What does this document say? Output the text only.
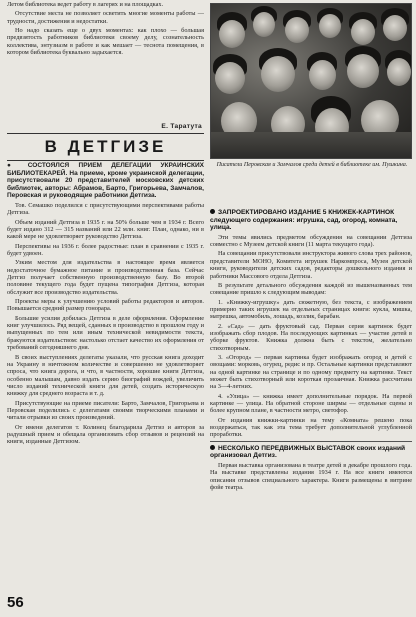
Летом библиотека ведет работу в лагерях и на площадках.

Отсутствие места не позволяет осветить многие моменты работы — трудности, достижения и недостатки.

Но надо сказать еще о двух моментах: как плохо — большая предвзятость работников библиотеки своему делу, сознательность коллектива, энтузиазм в работе и как мешает — теснота помещения, в котором библиотека буквально задыхается.

Е. Таратута
В ДЕТГИЗЕ
Писатели Перовская и Замчалов среди детей в библиотеке им. Пушкина.

● СОСТОЯЛСЯ ПРИЕМ ДЕЛЕГАЦИИ УКРАИНСКИХ БИБЛИОТЕКАРЕЙ. На приеме, кроме украинской делегации, присутствовали 20 представителей московских детских библиотек, авторы: Абрамов, Барто, Григорьева, Замчалов, Перовская и руководящие работники Детгиза.

Тов. Семашко поделился с присутствующими перспективами работы Детгиза.

Объем изданий Детгиза в 1935 г. на 50% больше чем в 1934 г. Всего будет издано 312 — 315 названий или 22 млн. книг. План, однако, ни в какой мере не удовлетворяет руководство Детгиза.

Перспективы на 1936 г. более радостные: план в сравнении с 1935 г. будет удвоен.

Узким местом для издательства в настоящее время является недостаточное бумажное питание и производственная база. Сейчас Детгиз получает собственную производственную базу. Во второй половине текущего года будет пущена типография Детгиза, которая обслужит все производство издательства.

Проекты меры к улучшению условий работы редакторов и авторов. Повышается средний размер гонорара.

Большие усилия добилась Детгиза в деле оформления. Оформление книг улучшилось. Ряд вещей, сданных в производство в прошлом году и выпущенных по тем или иным технической невидимости текста, бракуются издательством: настолько отстает качество их оформления от требований сегодняшнего дня.

В своих выступлениях делегаты указали, что русская книга доходит на Украину в ничтожном количестве и совершенно не удовлетворяет спроса, что книга дорога, и что, в частности, хорошие книги Детгиза, особенно малышам, давно издать серию биографий вождей, увеличить число изданий технической книги для детей, создать историческую книжку для среднего возраста и т. д.

Присутствующие на приеме писатели: Барто, Замчалов, Григорьева и Перовская поделились с делегатами своими творческими планами и читали отрывки из своих произведений.

От имени делегатов т. Колинец благодарила Детгиз и авторов за радушный прием и обещала организовать сбор отзывов и рецензий на книги, изданные Детгизом.

ЗАПРОЕКТИРОВАНО ИЗДАНИЕ 5 КНИЖЕК-КАРТИНОК следующего содержания: игрушка, сад, огород, комната, улица.

Эти темы явились предметом обсуждения на совещании Детгиза совместно с Музеем детской книги (11 марта текущего года).

На совещании присутствовали инструктора живого слова трех районов, представители МОНО, Комитета игрушек Наркомпроса, Музея детской книги, руководители детских садов, редакторы дошкольного издания и работники Массового отдела Детгиза.

В результате детального обсуждения каждой из вышеназванных тем совещание пришло к следующим выводам:

1. «Книжку-игрушку» дать сюжетную, без текста, с изображением примерно таких игрушек на отдельных страницах книги: кукла, мишка, матрешка, автомобиль, лошадь, козлик, барабан.

2. «Сад» — дать фруктовый сад. Первая серия картинок будет изображать сбор плодов. На последующих картинках — участие детей в уборке фруктов. Книжка должна быть с текстом, желательно стихотворным.

3. «Огород» — первая картинка будет изображать огород и детей с овощами: морковь, огурец, редис и пр. Остальные картинки представляют на одной картинке на странице и по одному предмету на картинке. Текст может быть стихотворный или короткая прозаичная. Книжка рассчитана на 3—4-летних.

4. «Улица» — книжка имеет дополнительные порядок. На первой картинке — улица. На обратной стороне ширмы — отдельные сцены и более крупном плане, в частности метро, светофор.

От издания книжки-картинки на тему «Комната» решено пока воздержаться, так как эта тема требует дополнительной углубленной проработки.

НЕСКОЛЬКО ПЕРЕДВИЖНЫХ ВЫСТАВОК своих изданий организовал Детгиз.

Первая выставка организована в театре детей в декабре прошлого года. На выставке представлены издания 1934 г. На все книги имеются описания отзывов специального характера. Книги размещены в витрине фойе театра.

56
